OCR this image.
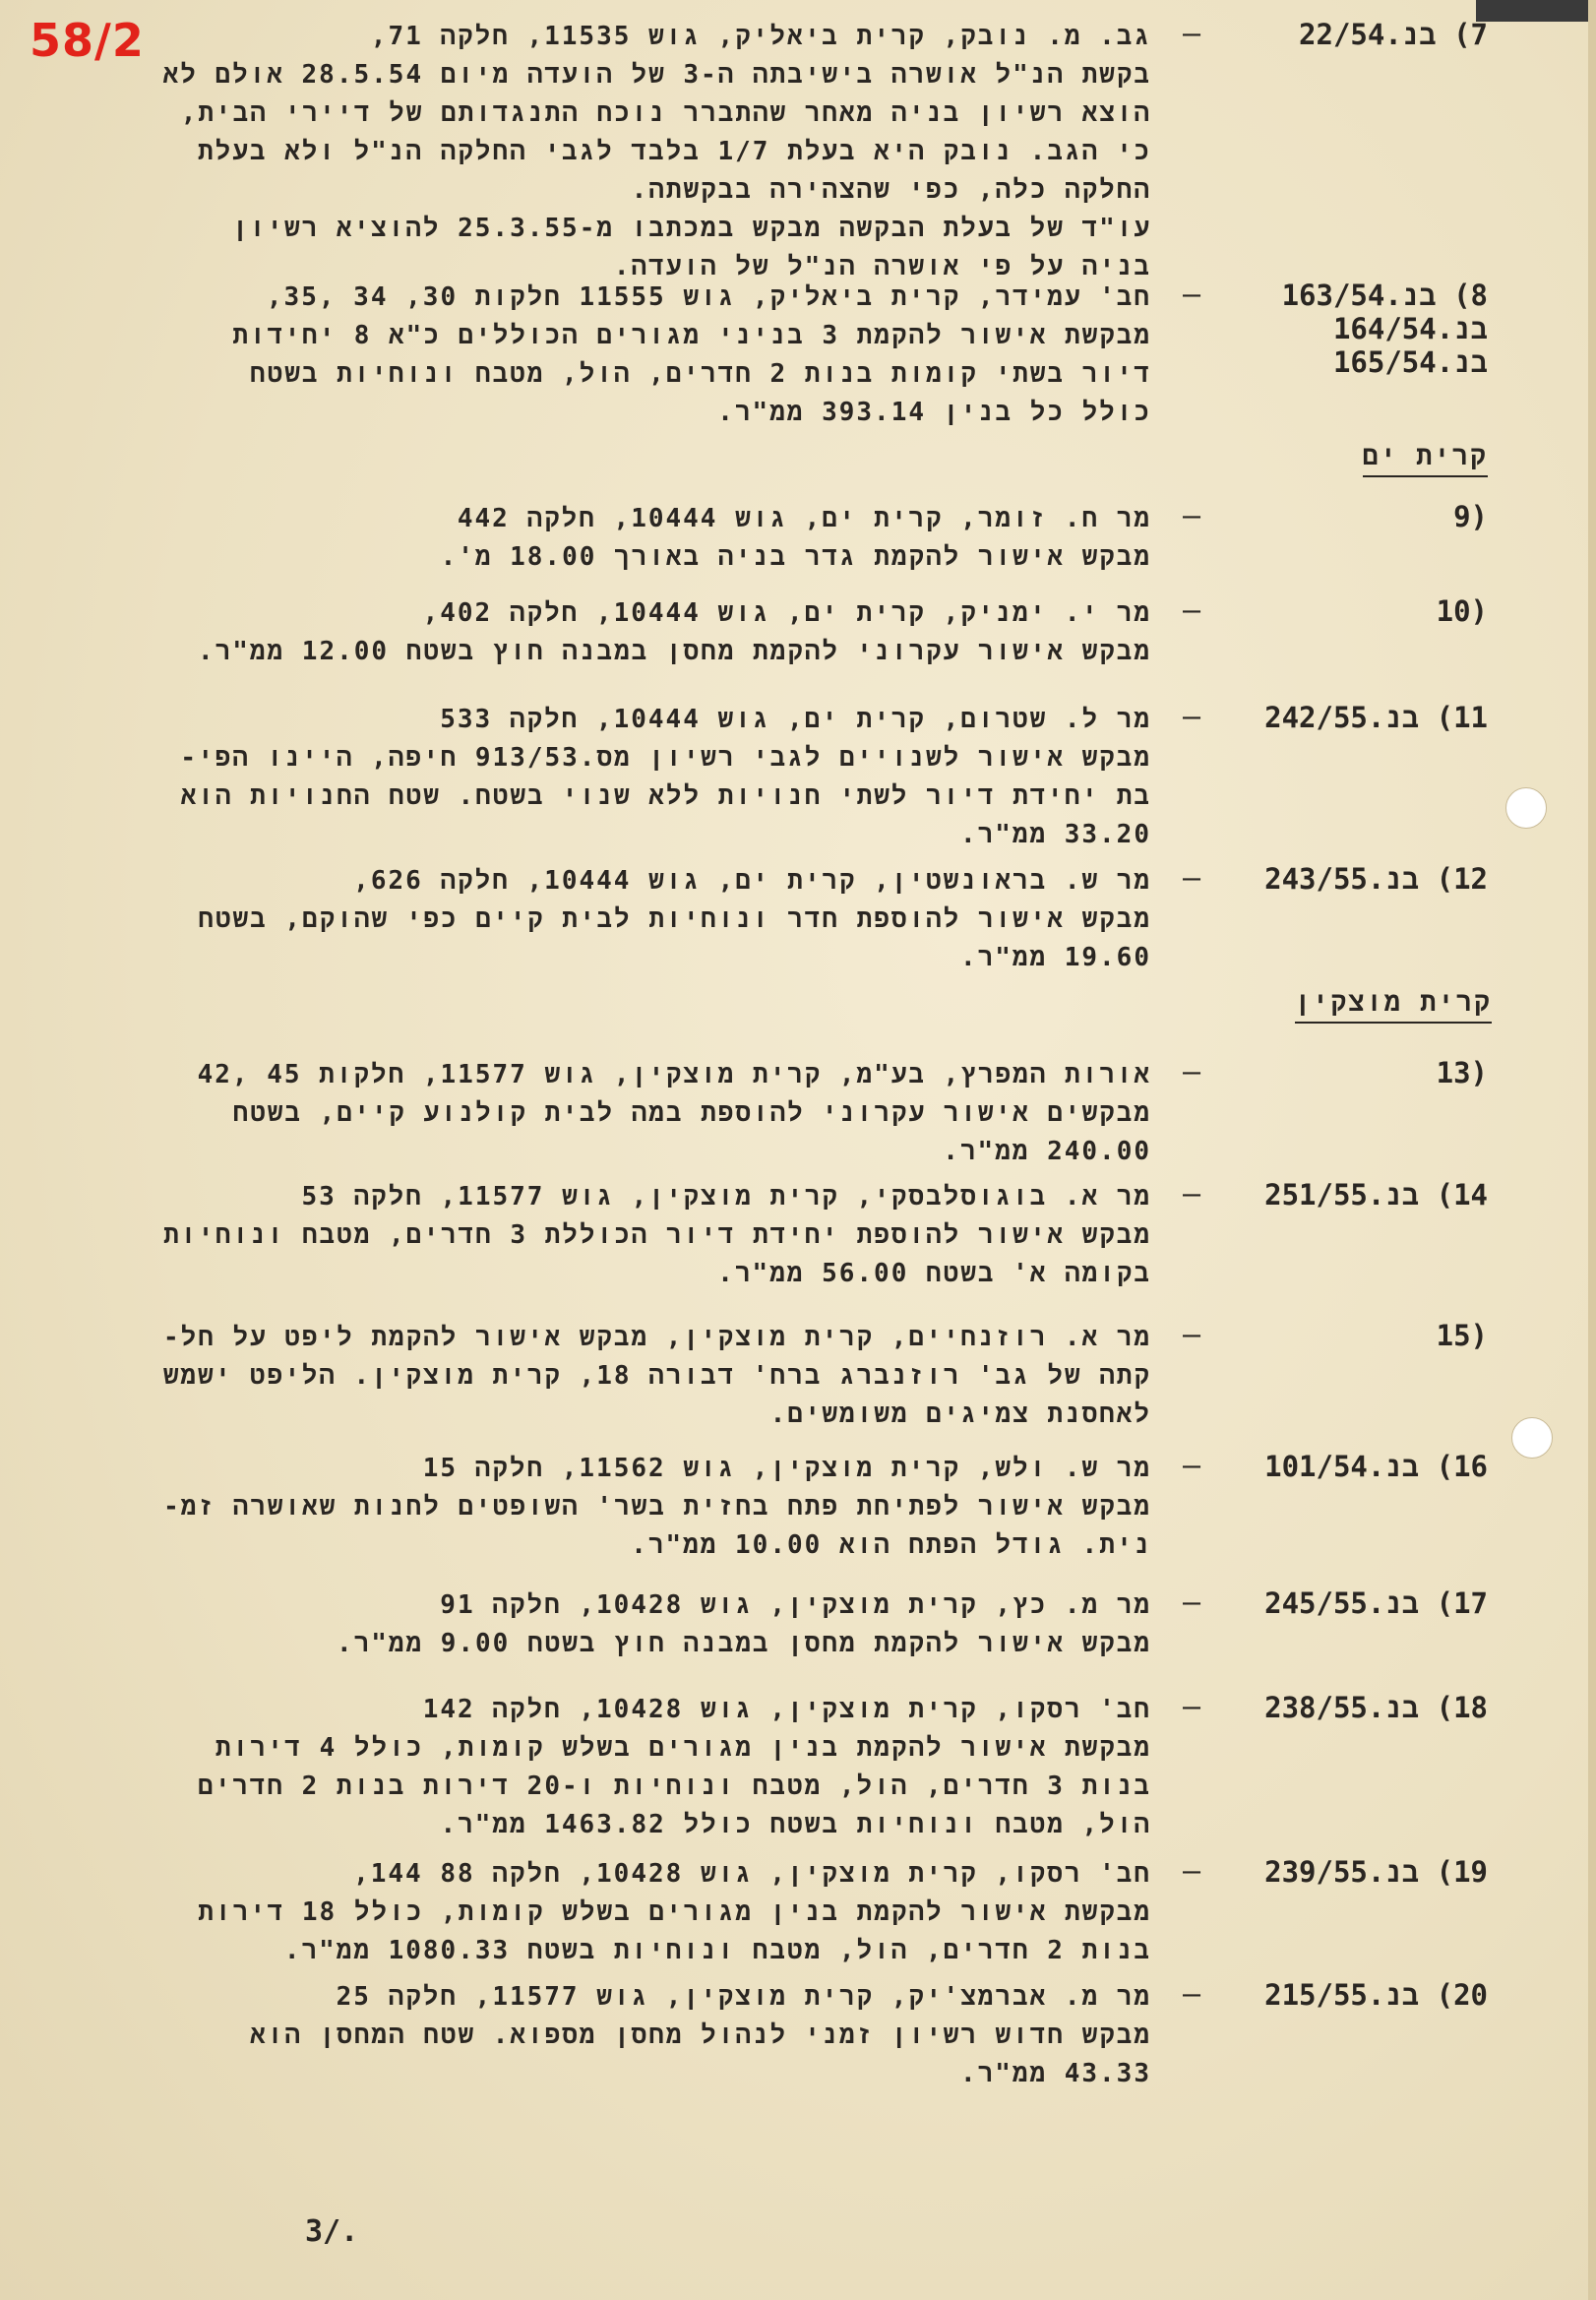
58/2
קרית ים
קרית מוצקין
7) בנ.22/54
–
גב. מ. נובק, קרית ביאליק, גוש 11535, חלקה 71,
בקשת הנ"ל אושרה בישיבתה ה-3 של הועדה מיום 28.5.54 אולם לא
הוצא רשיון בניה מאחר שהתברר נוכח התנגדותם של דיירי הבית,
כי הגב. נובק היא בעלת 1/7 בלבד לגבי החלקה הנ"ל ולא בעלת
החלקה כלה, כפי שהצהירה בבקשתה.
עו"ד של בעלת הבקשה מבקש במכתבו מ-25.3.55 להוציא רשיון
בניה על פי אושרה הנ"ל של הועדה.
8) בנ.163/54
בנ.164/54
בנ.165/54
–
חב' עמידר, קרית ביאליק, גוש 11555 חלקות 30, 34 ,35,
מבקשת אישור להקמת 3 בניני מגורים הכוללים כ"א 8 יחידות
דיור בשתי קומות בנות 2 חדרים, הול, מטבח ונוחיות בשטח
כולל כל בנין 393.14 ממ"ר.
9)
–
מר ח. זומר, קרית ים, גוש 10444, חלקה 442
מבקש אישור להקמת גדר בניה באורך 18.00 מ'.
10)
–
מר י. ימניק, קרית ים, גוש 10444, חלקה 402,
מבקש אישור עקרוני להקמת מחסן במבנה חוץ בשטח 12.00 ממ"ר.
11) בנ.242/55
–
מר ל. שטרום, קרית ים, גוש 10444, חלקה 533
מבקש אישור לשנויים לגבי רשיון מס.913/53 חיפה, היינו הפי-
בת יחידת דיור לשתי חנויות ללא שנוי בשטח. שטח החנויות הוא
33.20 ממ"ר.
12) בנ.243/55
–
מר ש. בראונשטין, קרית ים, גוש 10444, חלקה 626,
מבקש אישור להוספת חדר ונוחיות לבית קיים כפי שהוקם, בשטח
19.60 ממ"ר.
13)
–
אורות המפרץ, בע"מ, קרית מוצקין, גוש 11577, חלקות 45 ,42
מבקשים אישור עקרוני להוספת במה לבית קולנוע קיים, בשטח
240.00 ממ"ר.
14) בנ.251/55
–
מר א. בוגוסלבסקי, קרית מוצקין, גוש 11577, חלקה 53
מבקש אישור להוספת יחידת דיור הכוללת 3 חדרים, מטבח ונוחיות
בקומה א' בשטח 56.00 ממ"ר.
15)
–
מר א. רוזנחיים, קרית מוצקין, מבקש אישור להקמת ליפט על חל-
קתה של גב' רוזנברג ברח' דבורה 18, קרית מוצקין. הליפט ישמש
לאחסנת צמיגים משומשים.
16) בנ.101/54
–
מר ש. ולש, קרית מוצקין, גוש 11562, חלקה 15
מבקש אישור לפתיחת פתח בחזית בשר' השופטים לחנות שאושרה זמ-
נית. גודל הפתח הוא 10.00 ממ"ר.
17) בנ.245/55
–
מר מ. כץ, קרית מוצקין, גוש 10428, חלקה 91
מבקש אישור להקמת מחסן במבנה חוץ בשטח 9.00 ממ"ר.
18) בנ.238/55
–
חב' רסקו, קרית מוצקין, גוש 10428, חלקה 142
מבקשת אישור להקמת בנין מגורים בשלש קומות, כולל 4 דירות
בנות 3 חדרים, הול, מטבח ונוחיות ו-20 דירות בנות 2 חדרים
הול, מטבח ונוחיות בשטח כולל 1463.82 ממ"ר.
19) בנ.239/55
–
חב' רסקו, קרית מוצקין, גוש 10428, חלקה 88 144,
מבקשת אישור להקמת בנין מגורים בשלש קומות, כולל 18 דירות
בנות 2 חדרים, הול, מטבח ונוחיות בשטח 1080.33 ממ"ר.
20) בנ.215/55
–
מר מ. אברמצ'יק, קרית מוצקין, גוש 11577, חלקה 25
מבקש חדוש רשיון זמני לנהול מחסן מספוא. שטח המחסן הוא
43.33 ממ"ר.
3/.
